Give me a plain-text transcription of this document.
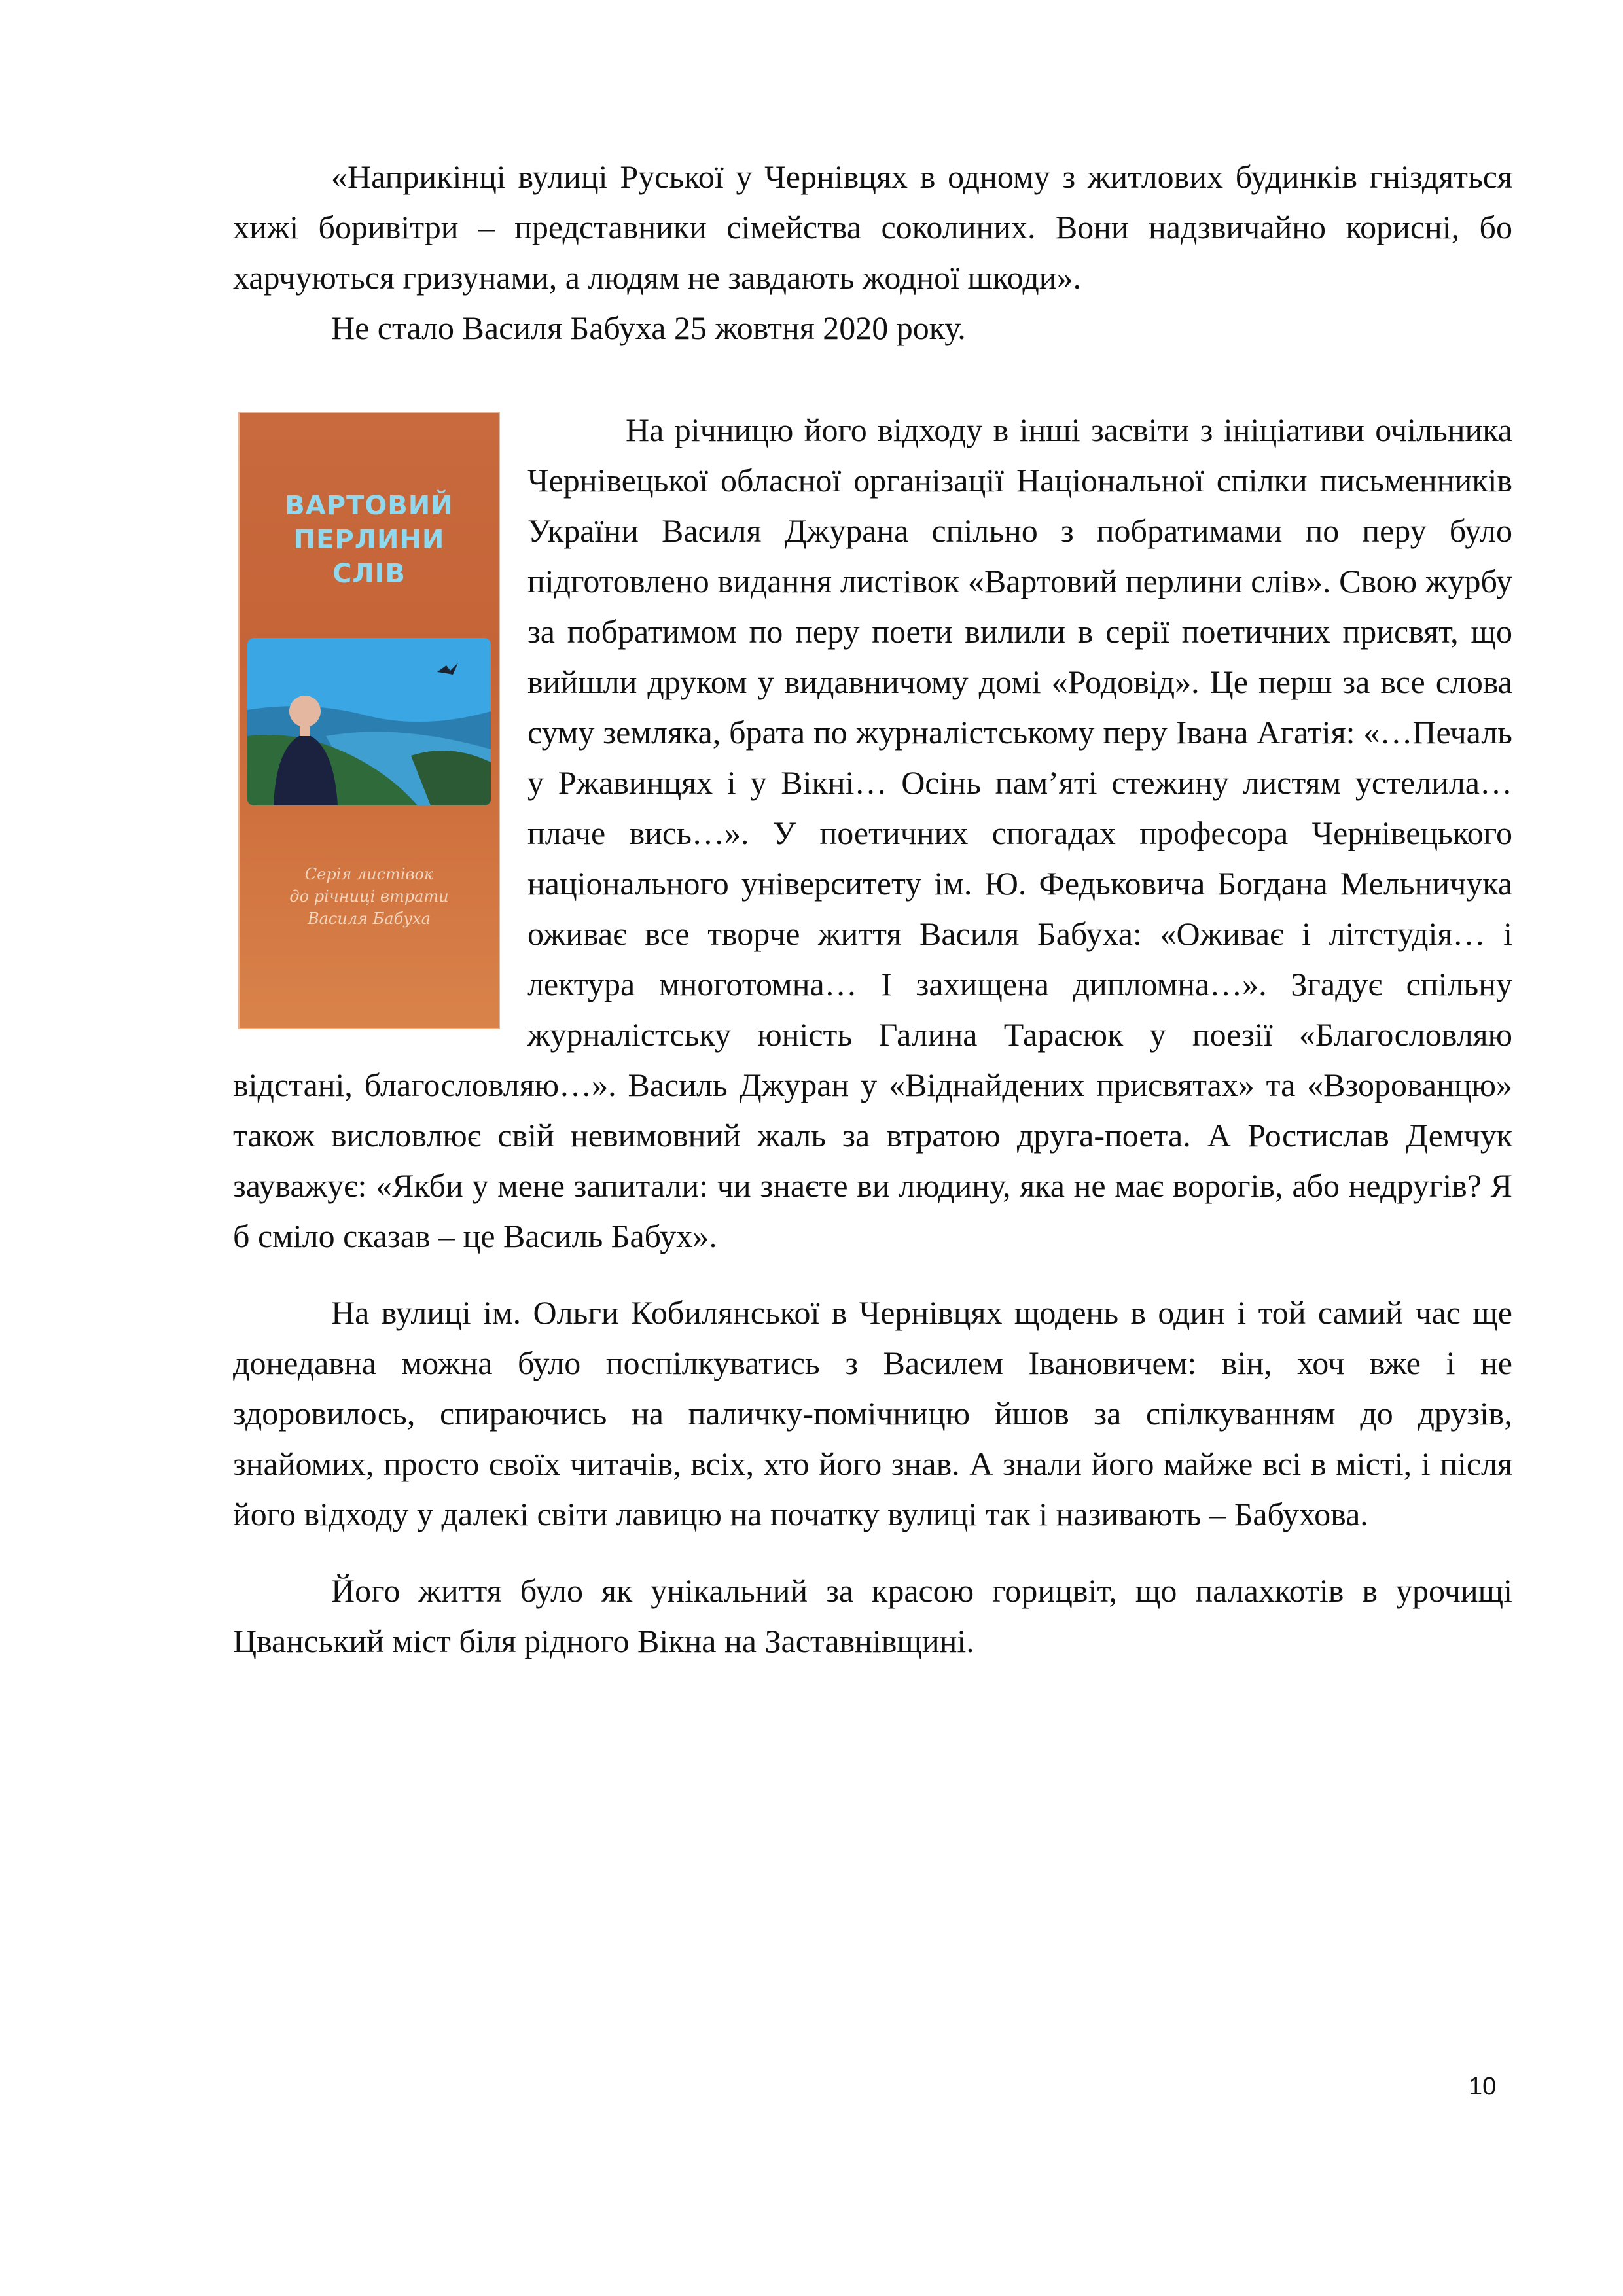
«Наприкінці вулиці Руської у Чернівцях в одному з житлових будинків гніздяться хижі боривітри – представники сімейства соколиних. Вони надзвичайно корисні, бо харчуються гризунами, а людям не завдають жодної шкоди».

Не стало Василя Бабуха 25 жовтня 2020 року.

ВАРТОВИЙ
ПЕРЛИНИ
СЛІВ
Серія листівок
до річниці втрати
Василя Бабуха

На річницю його відходу в інші засвіти з ініціативи очільника Чернівецької обласної організації Національної спілки письменників України Василя Джурана спільно з побратимами по перу було підготовлено видання листівок «Вартовий перлини слів». Свою журбу за побратимом по перу поети вилили в серії поетичних присвят, що вийшли друком у видавничому домі «Родовід». Це перш за все слова суму земляка, брата по журналістському перу Івана Агатія: «…Печаль у Ржавинцях і у Вікні… Осінь пам’яті стежину листям устелила… плаче вись…». У поетичних спогадах професора Чернівецького національного університету ім. Ю. Федьковича Богдана Мельничука оживає все творче життя Василя Бабуха: «Оживає і літстудія… і лектура многотомна… І захищена дипломна…». Згадує спільну журналістську юність Галина Тарасюк у поезії «Благословляю відстані, благословляю…». Василь Джуран у «Віднайдених присвятах» та «Взорованцю» також висловлює свій невимовний жаль за втратою друга-поета. А Ростислав Демчук зауважує: «Якби у мене запитали: чи знаєте ви людину, яка не має ворогів, або недругів? Я б сміло сказав – це Василь Бабух».

На вулиці ім. Ольги Кобилянської в Чернівцях щодень в один і той самий час ще донедавна можна було поспілкуватись з Василем Івановичем: він, хоч вже і не здоровилось, спираючись на паличку-помічницю йшов за спілкуванням до друзів, знайомих, просто своїх читачів, всіх, хто його знав. А знали його майже всі в місті, і після його відходу у далекі світи лавицю на початку вулиці так і називають – Бабухова.

Його життя було як унікальний за красою горицвіт, що палахкотів в урочищі Цванський міст біля рідного Вікна на Заставнівщині.

10
